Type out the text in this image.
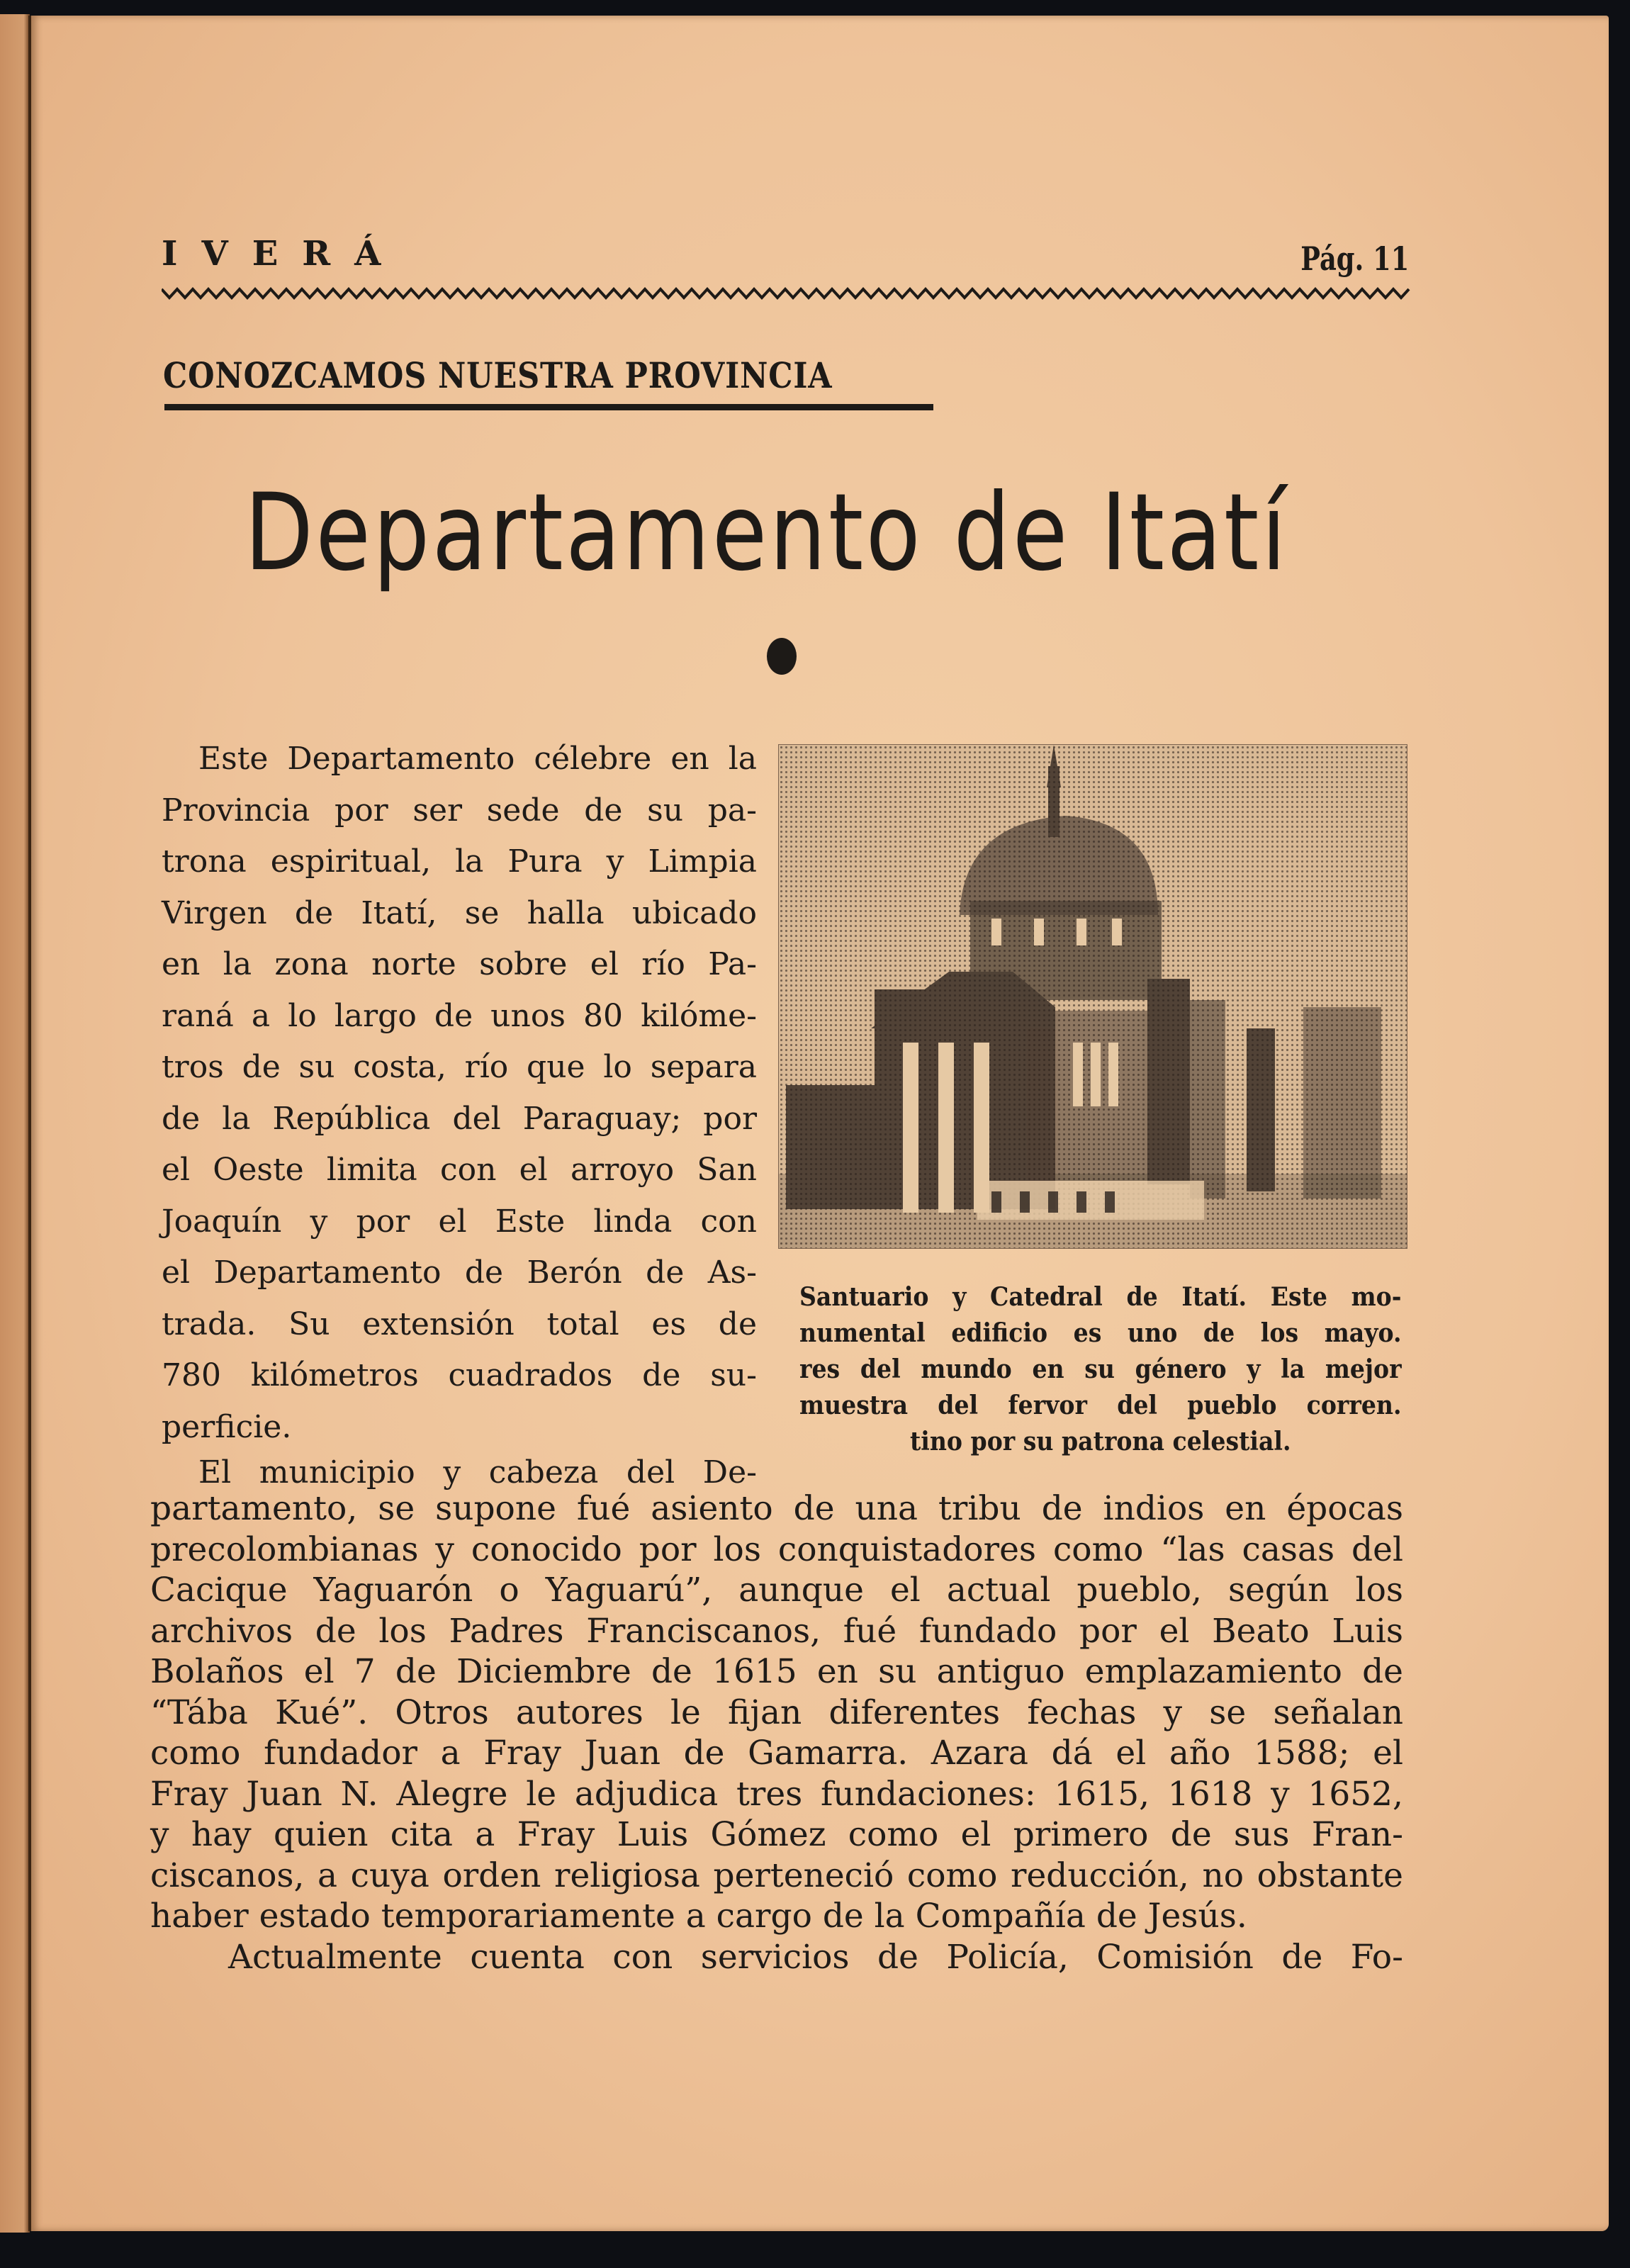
IVERÁ	Pág. 11
CONOZCAMOS NUESTRA PROVINCIA
Departamento de Itatí
Este Departamento célebre en la
Provincia por ser sede de su pa-
trona espiritual, la Pura y Limpia
Virgen de Itatí, se halla ubicado
en la zona norte sobre el río Pa-
raná a lo largo de unos 80 kilóme-
tros de su costa, río que lo separa
de la República del Paraguay; por
el Oeste limita con el arroyo San
Joaquín y por el Este linda con
el Departamento de Berón de As-
trada. Su extensión total es de
780 kilómetros cuadrados de su-
perficie.
El municipio y cabeza del De-
Santuario y Catedral de Itatí. Este mo-
numental edificio es uno de los mayo.
res del mundo en su género y la mejor
muestra del fervor del pueblo corren.
tino por su patrona celestial.
partamento, se supone fué asiento de una tribu de indios en épocas
precolombianas y conocido por los conquistadores como “las casas del
Cacique Yaguarón o Yaguarú”, aunque el actual pueblo, según los
archivos de los Padres Franciscanos, fué fundado por el Beato Luis
Bolaños el 7 de Diciembre de 1615 en su antiguo emplazamiento de
“Tába Kué”. Otros autores le fijan diferentes fechas y se señalan
como fundador a Fray Juan de Gamarra. Azara dá el año 1588; el
Fray Juan N. Alegre le adjudica tres fundaciones: 1615, 1618 y 1652,
y hay quien cita a Fray Luis Gómez como el primero de sus Fran-
ciscanos, a cuya orden religiosa perteneció como reducción, no obstante
haber estado temporariamente a cargo de la Compañía de Jesús.
Actualmente cuenta con servicios de Policía, Comisión de Fo-
